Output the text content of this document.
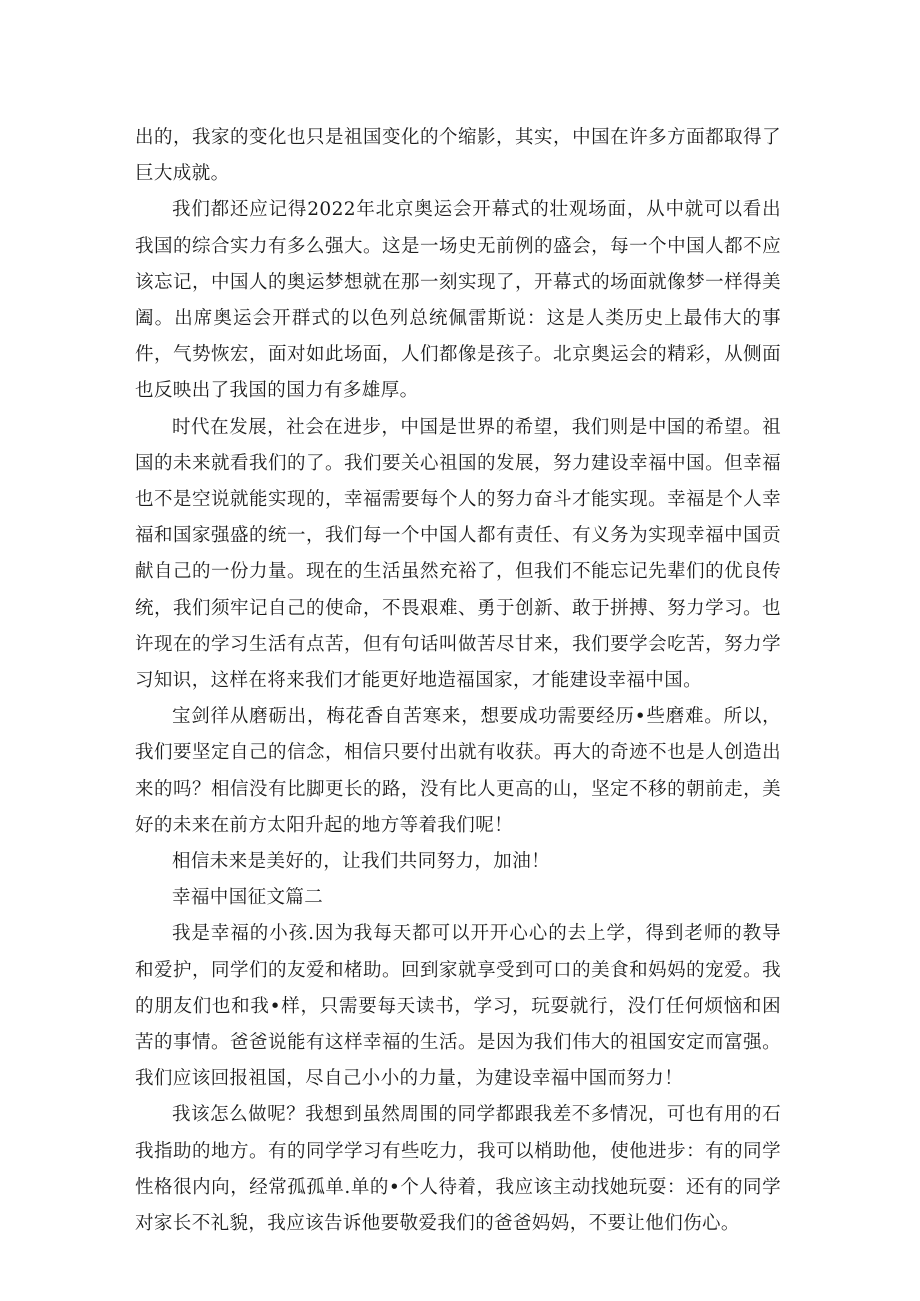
出的，我家的变化也只是祖国变化的个缩影，其实，中国在许多方面都取得了巨大成就。

我们都还应记得2022年北京奥运会开幕式的壮观场面，从中就可以看出我国的综合实力有多么强大。这是一场史无前例的盛会，每一个中国人都不应该忘记，中国人的奥运梦想就在那一刻实现了，开幕式的场面就像梦一样得美阖。出席奥运会开群式的以色列总统佩雷斯说：这是人类历史上最伟大的事件，气势恢宏，面对如此场面，人们都像是孩子。北京奥运会的精彩，从侧面也反映出了我国的国力有多雄厚。

时代在发展，社会在进步，中国是世界的希望，我们则是中国的希望。祖国的未来就看我们的了。我们要关心祖国的发展，努力建设幸福中国。但幸福也不是空说就能实现的，幸福需要每个人的努力奋斗才能实现。幸福是个人幸福和国家强盛的统一，我们每一个中国人都有责任、有义务为实现幸福中国贡献自己的一份力量。现在的生活虽然充裕了，但我们不能忘记先辈们的优良传统，我们须牢记自己的使命，不畏艰难、勇于创新、敢于拼搏、努力学习。也许现在的学习生活有点苦，但有句话叫做苦尽甘来，我们要学会吃苦，努力学习知识，这样在将来我们才能更好地造福国家，才能建设幸福中国。

宝剑徉从磨砺出，梅花香自苦寒来，想要成功需要经历•些磨难。所以，我们要坚定自己的信念，相信只要付出就有收获。再大的奇迹不也是人创造出来的吗？相信没有比脚更长的路，没有比人更高的山，坚定不移的朝前走，美好的未来在前方太阳升起的地方等着我们呢！

相信未来是美好的，让我们共同努力，加油！

幸福中国征文篇二

我是幸福的小孩.因为我每天都可以开开心心的去上学，得到老师的教导和爱护，同学们的友爱和楮助。回到家就享受到可口的美食和妈妈的宠爱。我的朋友们也和我•样，只需要每天读书，学习，玩耍就行，没仃任何烦恼和困苦的事情。爸爸说能有这样幸福的生活。是因为我们伟大的祖国安定而富强。我们应该回报祖国，尽自己小小的力量，为建设幸福中国而努力！

我该怎么做呢？我想到虽然周围的同学都跟我差不多情况，可也有用的石我指助的地方。有的同学学习有些吃力，我可以梢助他，使他进步：有的同学性格很内向，经常孤孤单.单的•个人待着，我应该主动找她玩耍：还有的同学对家长不礼貌，我应该告诉他要敬爱我们的爸爸妈妈，不要让他们伤心。
